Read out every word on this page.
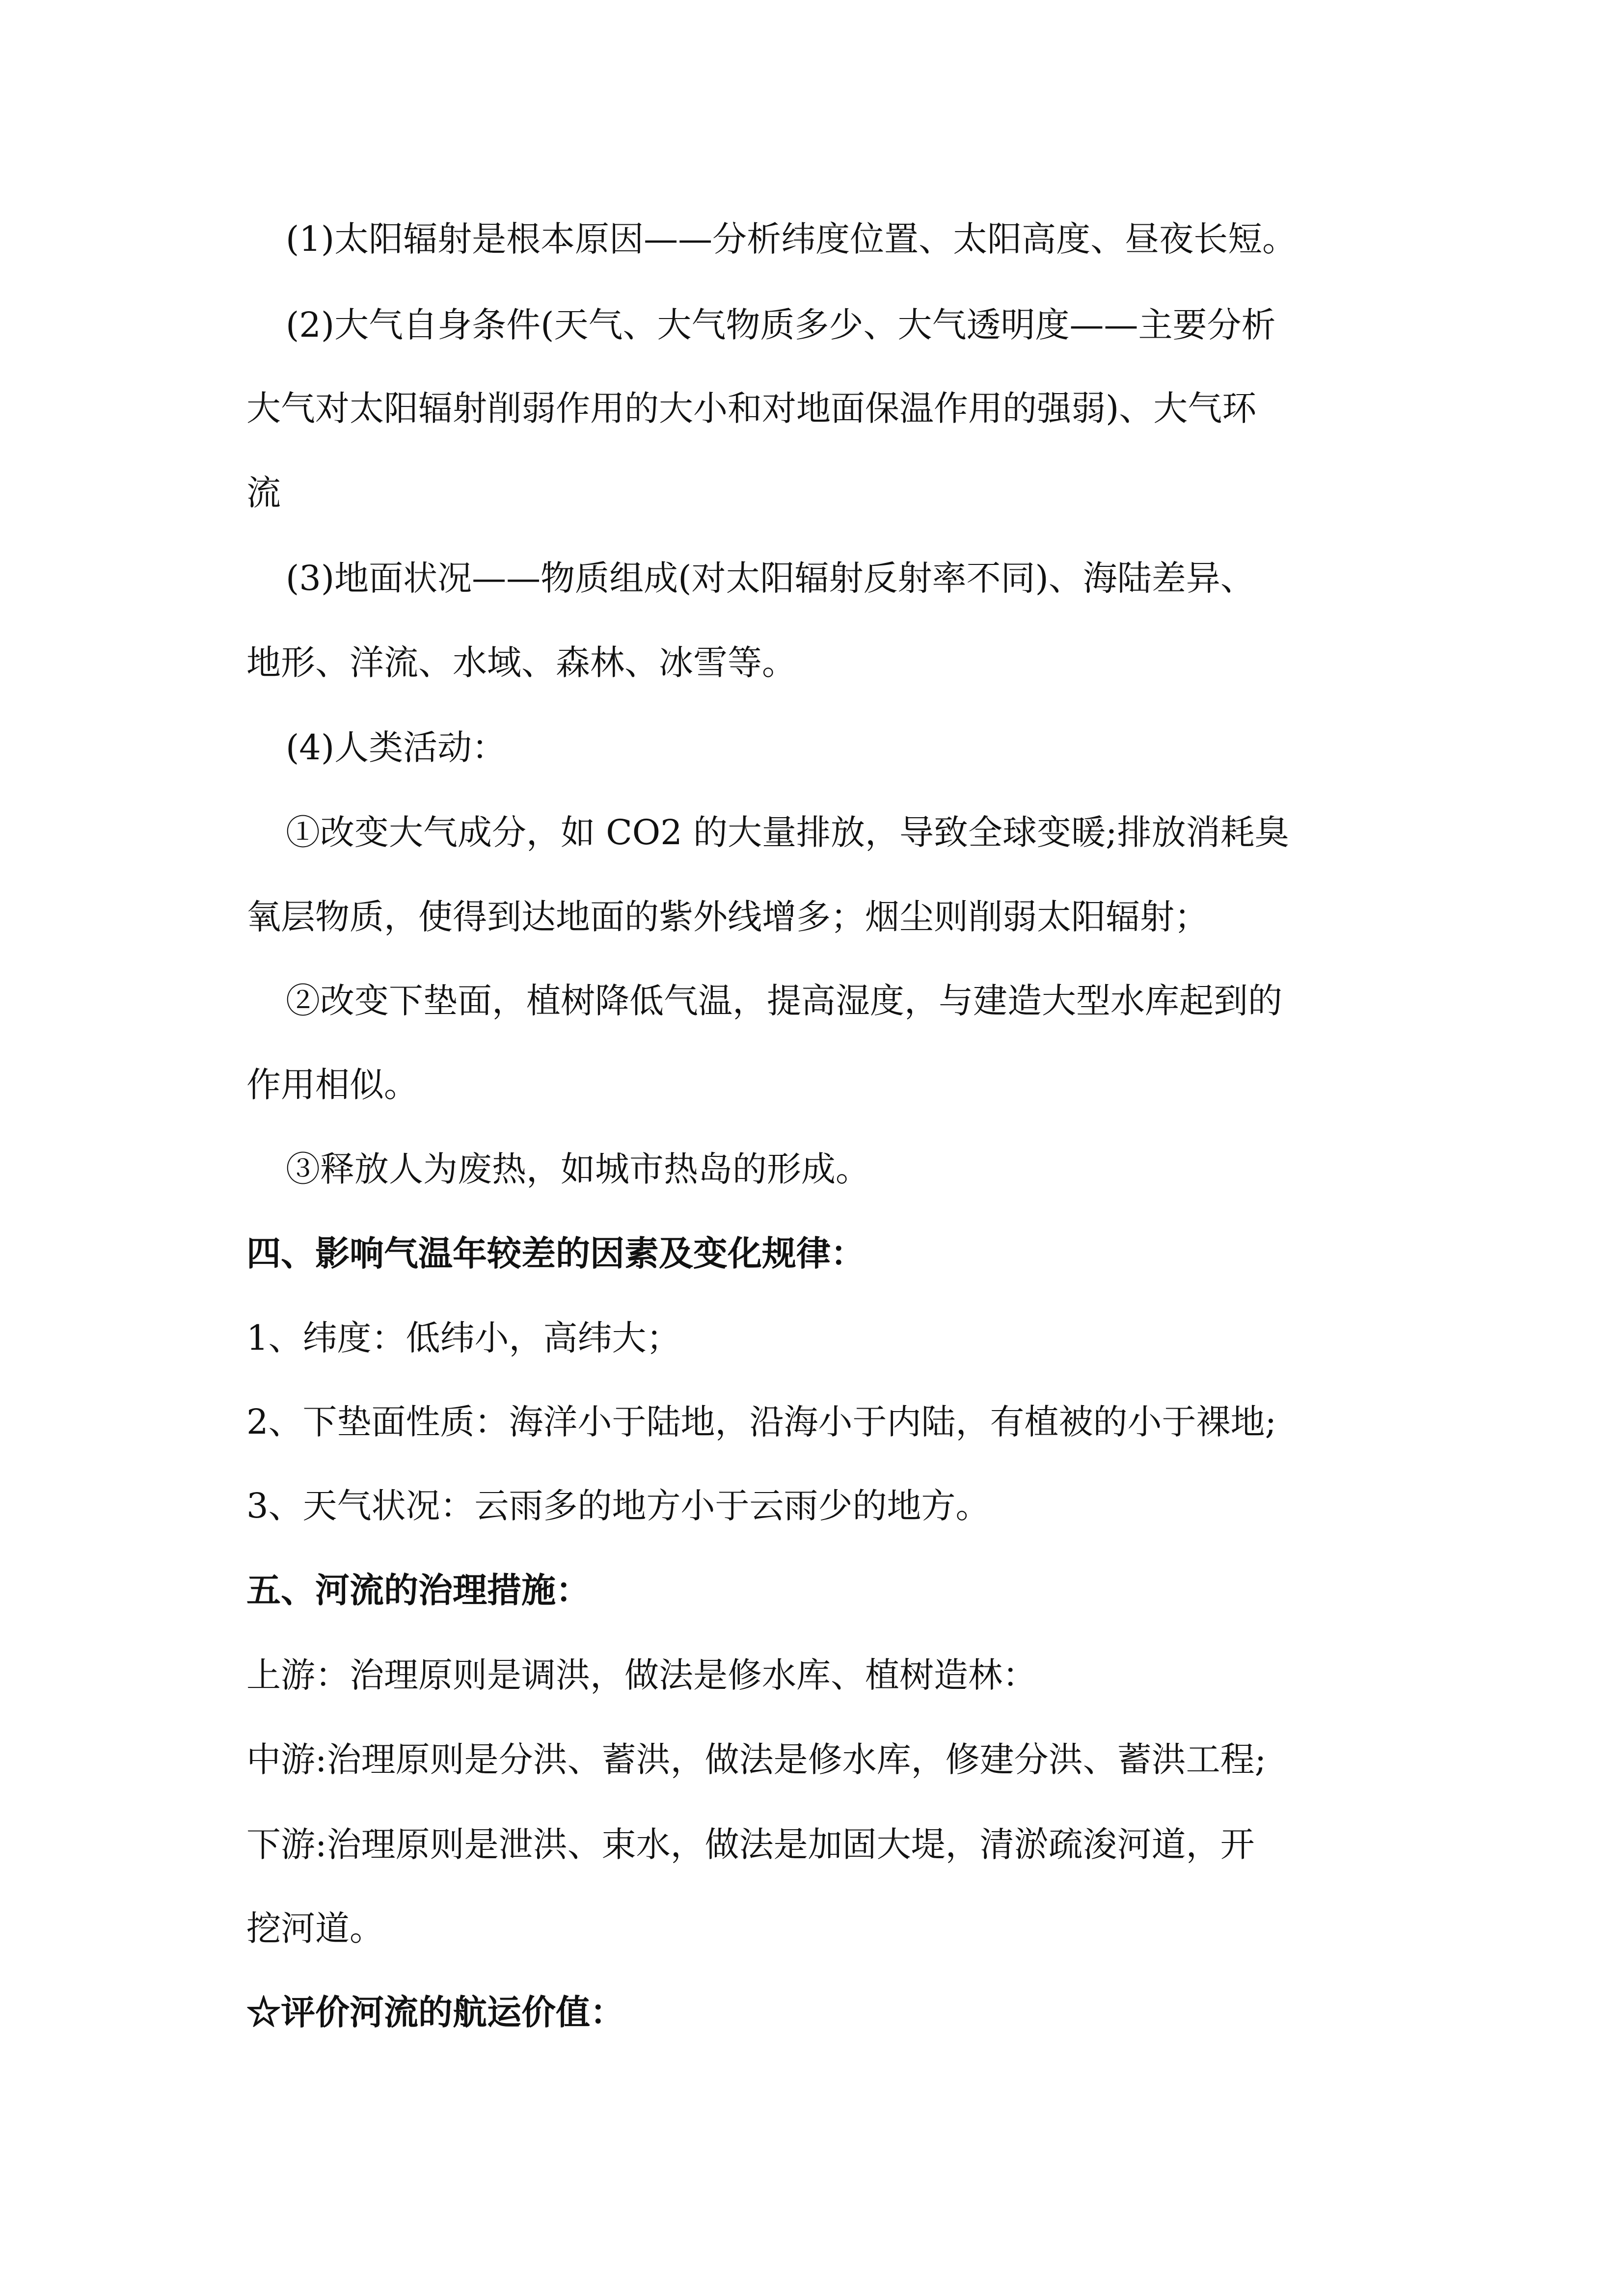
(1)太阳辐射是根本原因——分析纬度位置、太阳高度、昼夜长短。
(2)大气自身条件(天气、大气物质多少、大气透明度——主要分析
大气对太阳辐射削弱作用的大小和对地面保温作用的强弱)、大气环
流
(3)地面状况——物质组成(对太阳辐射反射率不同)、海陆差异、
地形、洋流、水域、森林、冰雪等。
(4)人类活动：
①改变大气成分，如 CO2 的大量排放，导致全球变暖;排放消耗臭
氧层物质，使得到达地面的紫外线增多；烟尘则削弱太阳辐射；
②改变下垫面，植树降低气温，提高湿度，与建造大型水库起到的
作用相似。
③释放人为废热，如城市热岛的形成。
四、影响气温年较差的因素及变化规律：
1、纬度：低纬小，高纬大；
2、下垫面性质：海洋小于陆地，沿海小于内陆，有植被的小于裸地;
3、天气状况：云雨多的地方小于云雨少的地方。
五、河流的治理措施：
上游：治理原则是调洪，做法是修水库、植树造林：
中游:治理原则是分洪、蓄洪，做法是修水库，修建分洪、蓄洪工程;
下游:治理原则是泄洪、束水，做法是加固大堤，清淤疏浚河道，开
挖河道。
☆评价河流的航运价值：
